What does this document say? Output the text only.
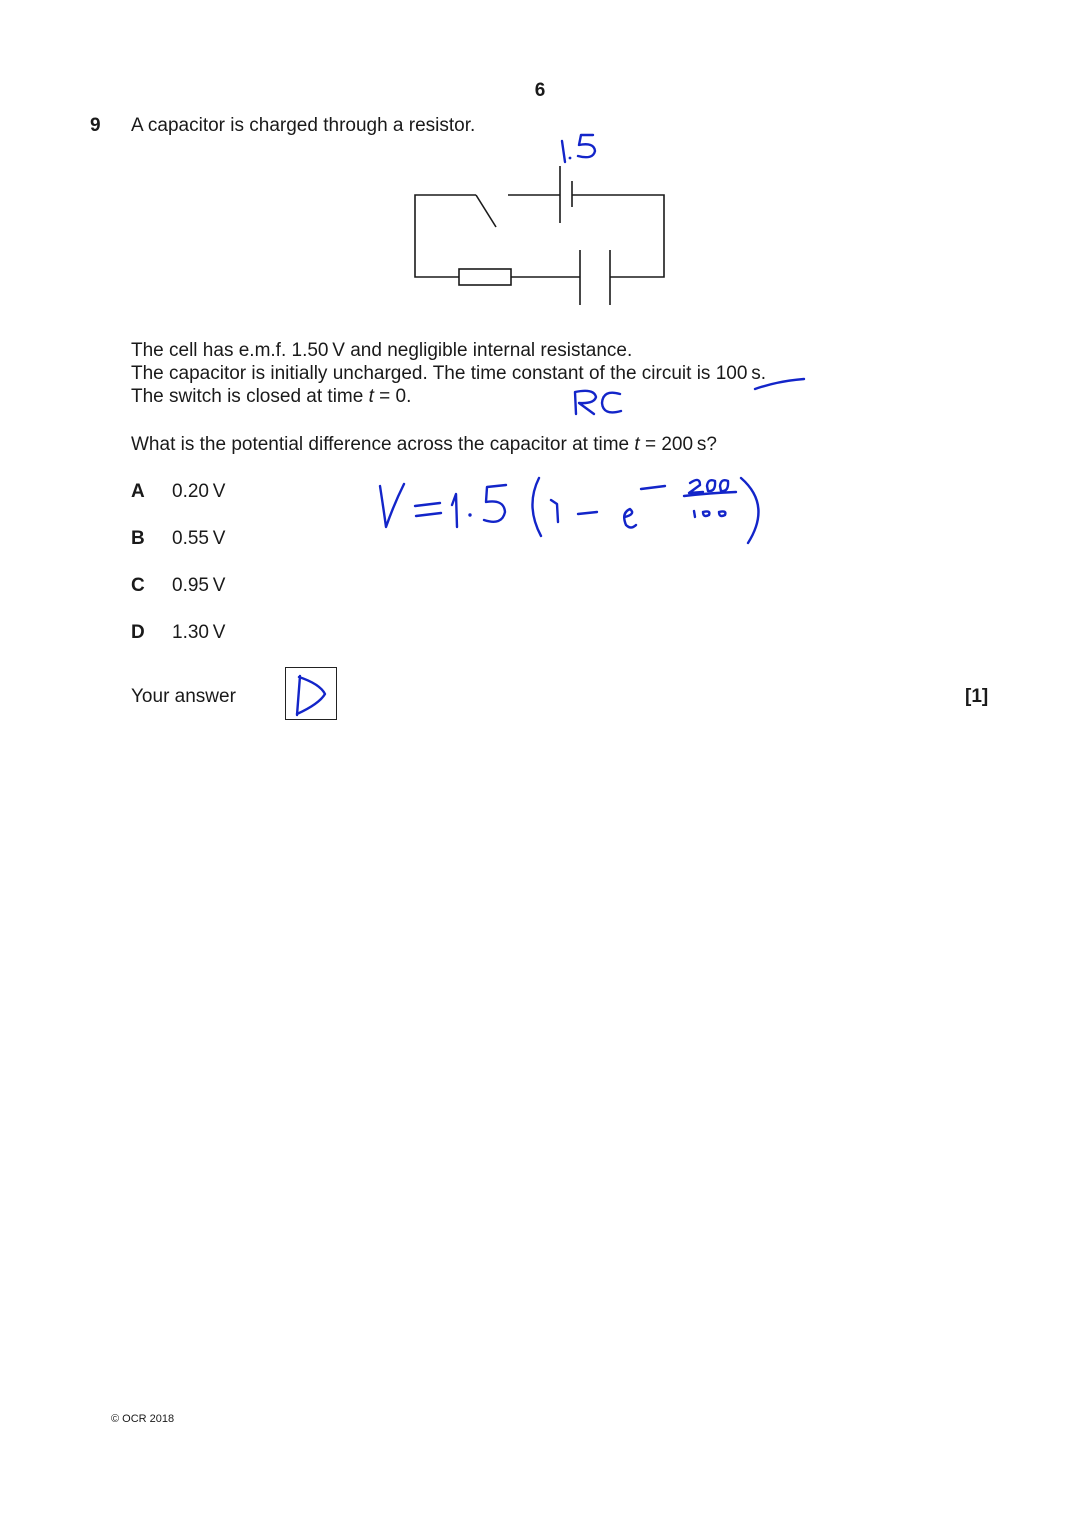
6
9 A capacitor is charged through a resistor.
The cell has e.m.f. 1.50 V and negligible internal resistance.
The capacitor is initially uncharged. The time constant of the circuit is 100 s.
The switch is closed at time t = 0.
What is the potential difference across the capacitor at time t = 200 s?
A 0.20 V
B 0.55 V
C 0.95 V
D 1.30 V
Your answer	[1]
© OCR 2018
